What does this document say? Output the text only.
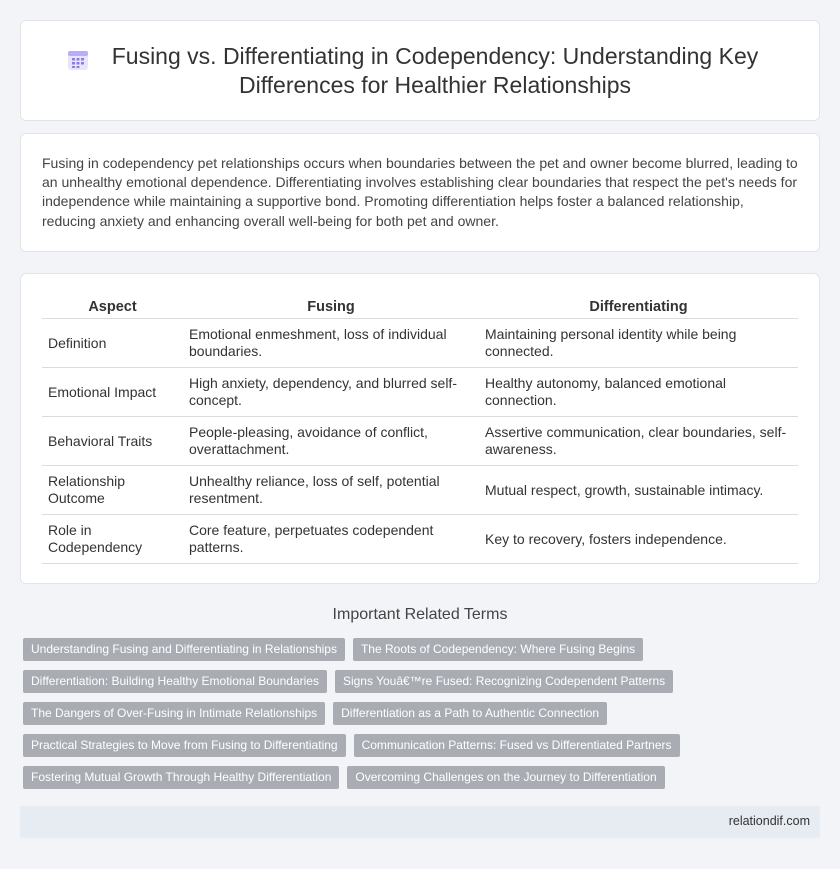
Fusing vs. Differentiating in Codependency: Understanding Key Differences for Healthier Relationships

Fusing in codependency pet relationships occurs when boundaries between the pet and owner become blurred, leading to an unhealthy emotional dependence. Differentiating involves establishing clear boundaries that respect the pet's needs for independence while maintaining a supportive bond. Promoting differentiation helps foster a balanced relationship, reducing anxiety and enhancing overall well-being for both pet and owner.

Aspect	Fusing	Differentiating
Definition	Emotional enmeshment, loss of individual boundaries.	Maintaining personal identity while being connected.
Emotional Impact	High anxiety, dependency, and blurred self-concept.	Healthy autonomy, balanced emotional connection.
Behavioral Traits	People-pleasing, avoidance of conflict, overattachment.	Assertive communication, clear boundaries, self-awareness.
Relationship Outcome	Unhealthy reliance, loss of self, potential resentment.	Mutual respect, growth, sustainable intimacy.
Role in Codependency	Core feature, perpetuates codependent patterns.	Key to recovery, fosters independence.
Important Related Terms
Understanding Fusing and Differentiating in Relationships	The Roots of Codependency: Where Fusing Begins
Differentiation: Building Healthy Emotional Boundaries	Signs Youâ€™re Fused: Recognizing Codependent Patterns
The Dangers of Over-Fusing in Intimate Relationships	Differentiation as a Path to Authentic Connection
Practical Strategies to Move from Fusing to Differentiating	Communication Patterns: Fused vs Differentiated Partners
Fostering Mutual Growth Through Healthy Differentiation	Overcoming Challenges on the Journey to Differentiation
relationdif.com
